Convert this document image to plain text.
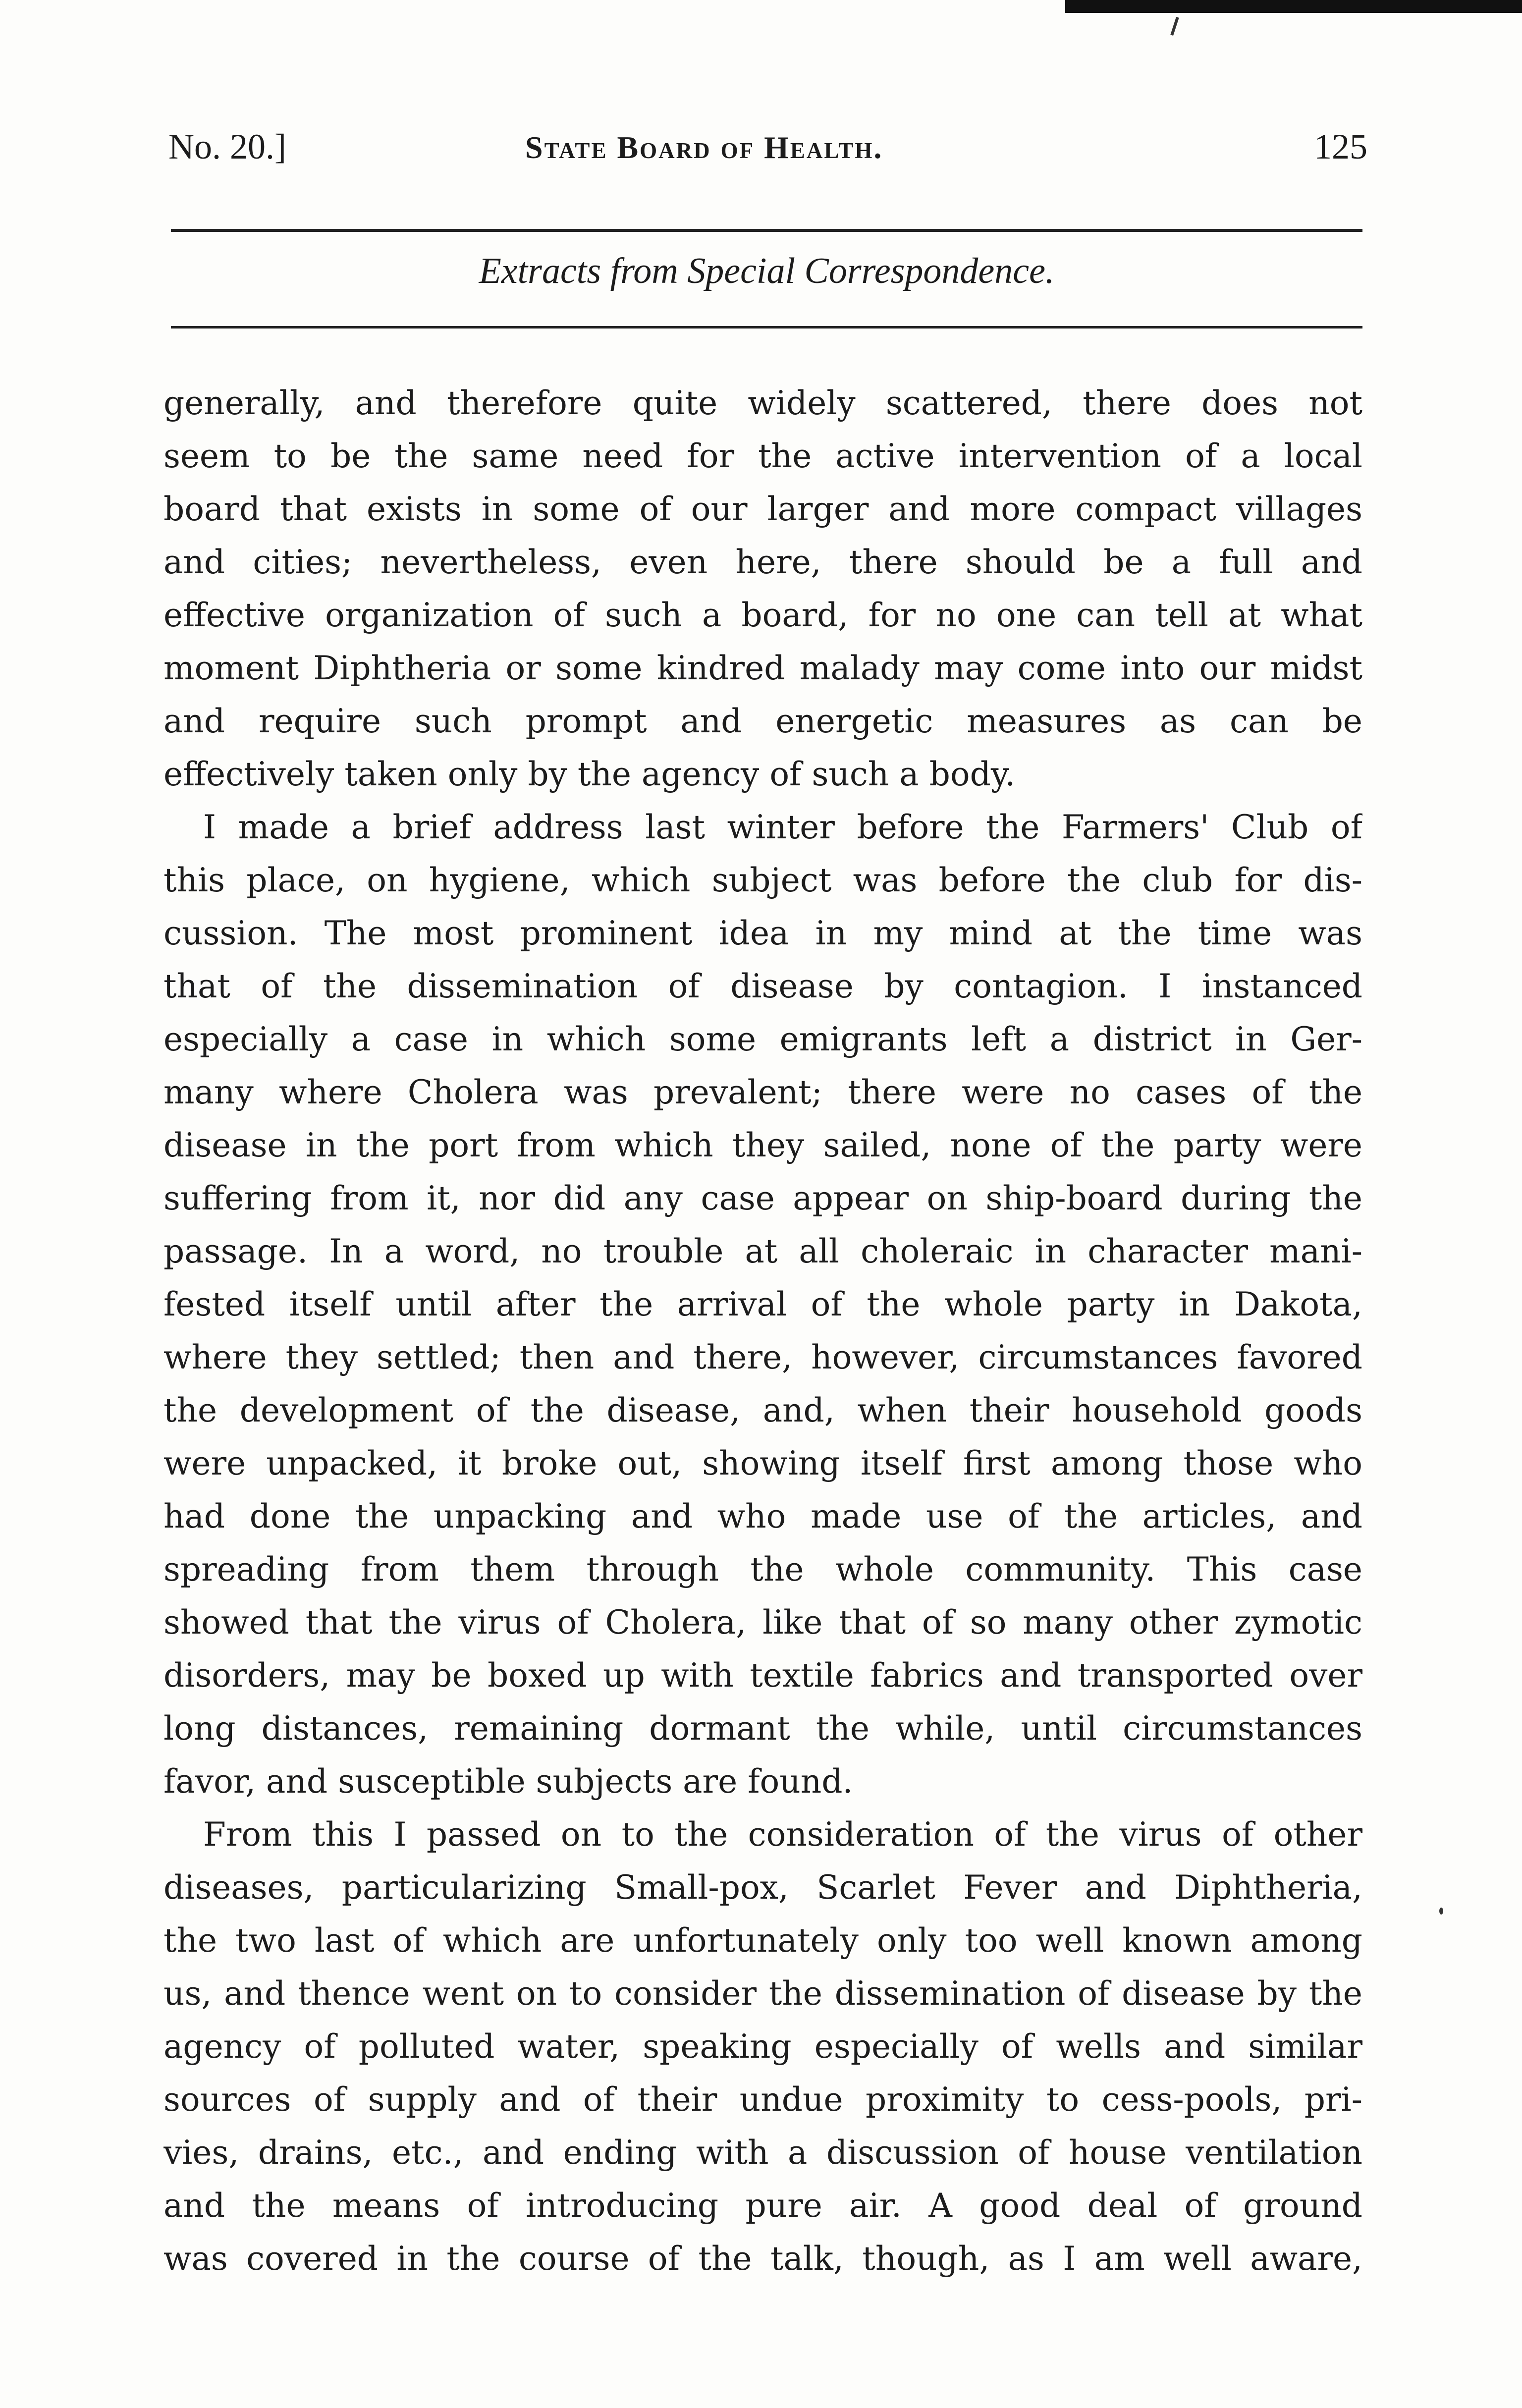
No. 20.]	State Board of Health.	125
Extracts from Special Correspondence.
generally, and therefore quite widely scattered, there does not
seem to be the same need for the active intervention of a local
board that exists in some of our larger and more compact villages
and cities; nevertheless, even here, there should be a full and
effective organization of such a board, for no one can tell at what
moment Diphtheria or some kindred malady may come into our midst
and require such prompt and energetic measures as can be
effectively taken only by the agency of such a body.
I made a brief address last winter before the Farmers' Club of
this place, on hygiene, which subject was before the club for dis-
cussion. The most prominent idea in my mind at the time was
that of the dissemination of disease by contagion. I instanced
especially a case in which some emigrants left a district in Ger-
many where Cholera was prevalent; there were no cases of the
disease in the port from which they sailed, none of the party were
suffering from it, nor did any case appear on ship-board during the
passage. In a word, no trouble at all choleraic in character mani-
fested itself until after the arrival of the whole party in Dakota,
where they settled; then and there, however, circumstances favored
the development of the disease, and, when their household goods
were unpacked, it broke out, showing itself first among those who
had done the unpacking and who made use of the articles, and
spreading from them through the whole community. This case
showed that the virus of Cholera, like that of so many other zymotic
disorders, may be boxed up with textile fabrics and transported over
long distances, remaining dormant the while, until circumstances
favor, and susceptible subjects are found.
From this I passed on to the consideration of the virus of other
diseases, particularizing Small-pox, Scarlet Fever and Diphtheria,
the two last of which are unfortunately only too well known among
us, and thence went on to consider the dissemination of disease by the
agency of polluted water, speaking especially of wells and similar
sources of supply and of their undue proximity to cess-pools, pri-
vies, drains, etc., and ending with a discussion of house ventilation
and the means of introducing pure air. A good deal of ground
was covered in the course of the talk, though, as I am well aware,
